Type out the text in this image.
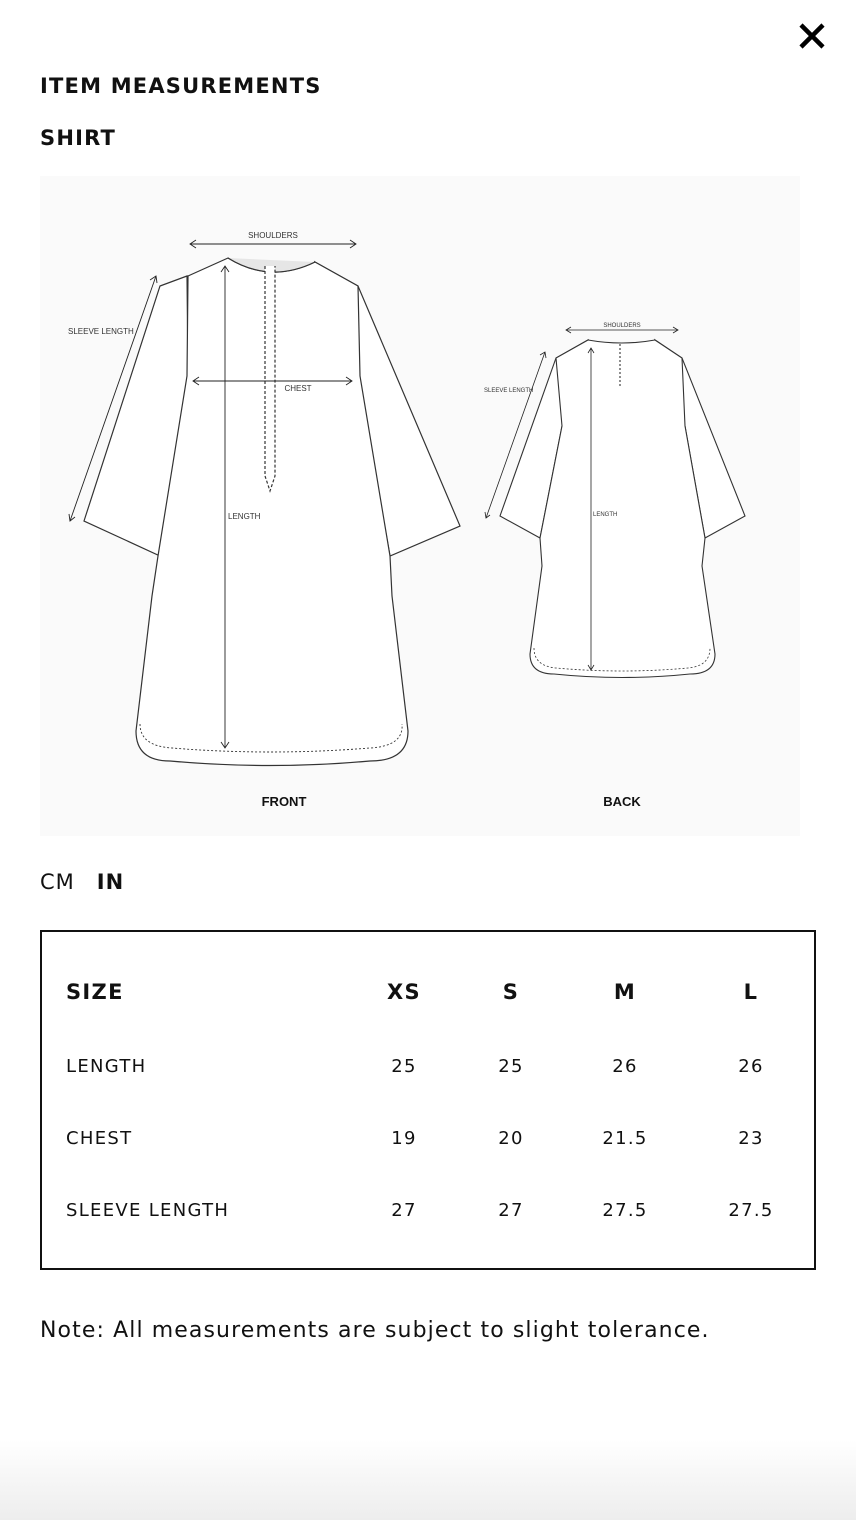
ITEM MEASUREMENTS
SHIRT
SHOULDERS
SLEEVE LENGTH
CHEST
LENGTH
FRONT
SHOULDERS
SLEEVE LENGTH
LENGTH
BACK
CM IN
SIZE	XS	S	M	L
LENGTH	25	25	26	26
CHEST	19	20	21.5	23
SLEEVE LENGTH	27	27	27.5	27.5

Note: All measurements are subject to slight tolerance.
